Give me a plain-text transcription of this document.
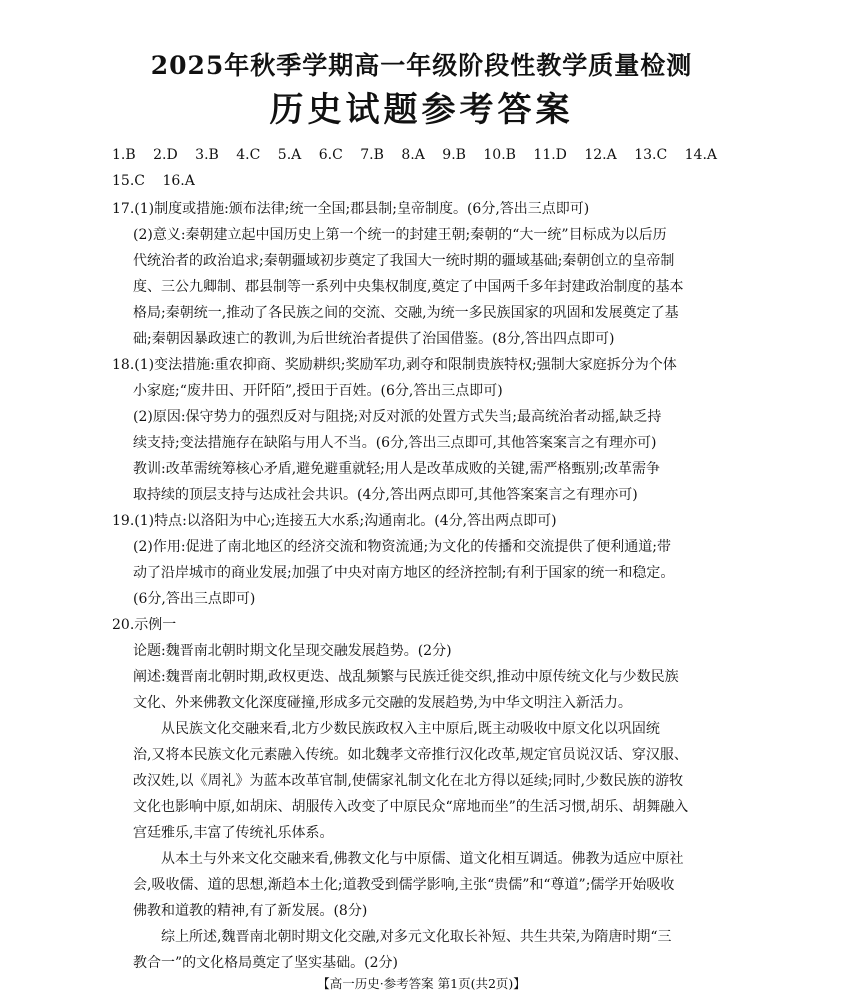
2025年秋季学期高一年级阶段性教学质量检测
历史试题参考答案
1.B 2.D 3.B 4.C 5.A 6.C 7.B 8.A 9.B 10.B 11.D 12.A 13.C 14.A
15.C 16.A
17.(1)制度或措施:颁布法律;统一全国;郡县制;皇帝制度。(6分,答出三点即可)
(2)意义:秦朝建立起中国历史上第一个统一的封建王朝;秦朝的“大一统”目标成为以后历
代统治者的政治追求;秦朝疆域初步奠定了我国大一统时期的疆域基础;秦朝创立的皇帝制
度、三公九卿制、郡县制等一系列中央集权制度,奠定了中国两千多年封建政治制度的基本
格局;秦朝统一,推动了各民族之间的交流、交融,为统一多民族国家的巩固和发展奠定了基
础;秦朝因暴政速亡的教训,为后世统治者提供了治国借鉴。(8分,答出四点即可)
18.(1)变法措施:重农抑商、奖励耕织;奖励军功,剥夺和限制贵族特权;强制大家庭拆分为个体
小家庭;“废井田、开阡陌”,授田于百姓。(6分,答出三点即可)
(2)原因:保守势力的强烈反对与阻挠;对反对派的处置方式失当;最高统治者动摇,缺乏持
续支持;变法措施存在缺陷与用人不当。(6分,答出三点即可,其他答案案言之有理亦可)
教训:改革需统筹核心矛盾,避免避重就轻;用人是改革成败的关键,需严格甄别;改革需争
取持续的顶层支持与达成社会共识。(4分,答出两点即可,其他答案案言之有理亦可)
19.(1)特点:以洛阳为中心;连接五大水系;沟通南北。(4分,答出两点即可)
(2)作用:促进了南北地区的经济交流和物资流通;为文化的传播和交流提供了便利通道;带
动了沿岸城市的商业发展;加强了中央对南方地区的经济控制;有利于国家的统一和稳定。
(6分,答出三点即可)
20.示例一
论题:魏晋南北朝时期文化呈现交融发展趋势。(2分)
阐述:魏晋南北朝时期,政权更迭、战乱频繁与民族迁徙交织,推动中原传统文化与少数民族
文化、外来佛教文化深度碰撞,形成多元交融的发展趋势,为中华文明注入新活力。
从民族文化交融来看,北方少数民族政权入主中原后,既主动吸收中原文化以巩固统
治,又将本民族文化元素融入传统。如北魏孝文帝推行汉化改革,规定官员说汉话、穿汉服、
改汉姓,以《周礼》为蓝本改革官制,使儒家礼制文化在北方得以延续;同时,少数民族的游牧
文化也影响中原,如胡床、胡服传入改变了中原民众“席地而坐”的生活习惯,胡乐、胡舞融入
宫廷雅乐,丰富了传统礼乐体系。
从本土与外来文化交融来看,佛教文化与中原儒、道文化相互调适。佛教为适应中原社
会,吸收儒、道的思想,渐趋本土化;道教受到儒学影响,主张“贵儒”和“尊道”;儒学开始吸收
佛教和道教的精神,有了新发展。(8分)
综上所述,魏晋南北朝时期文化交融,对多元文化取长补短、共生共荣,为隋唐时期“三
教合一”的文化格局奠定了坚实基础。(2分)
【高一历史·参考答案 第1页(共2页)】
